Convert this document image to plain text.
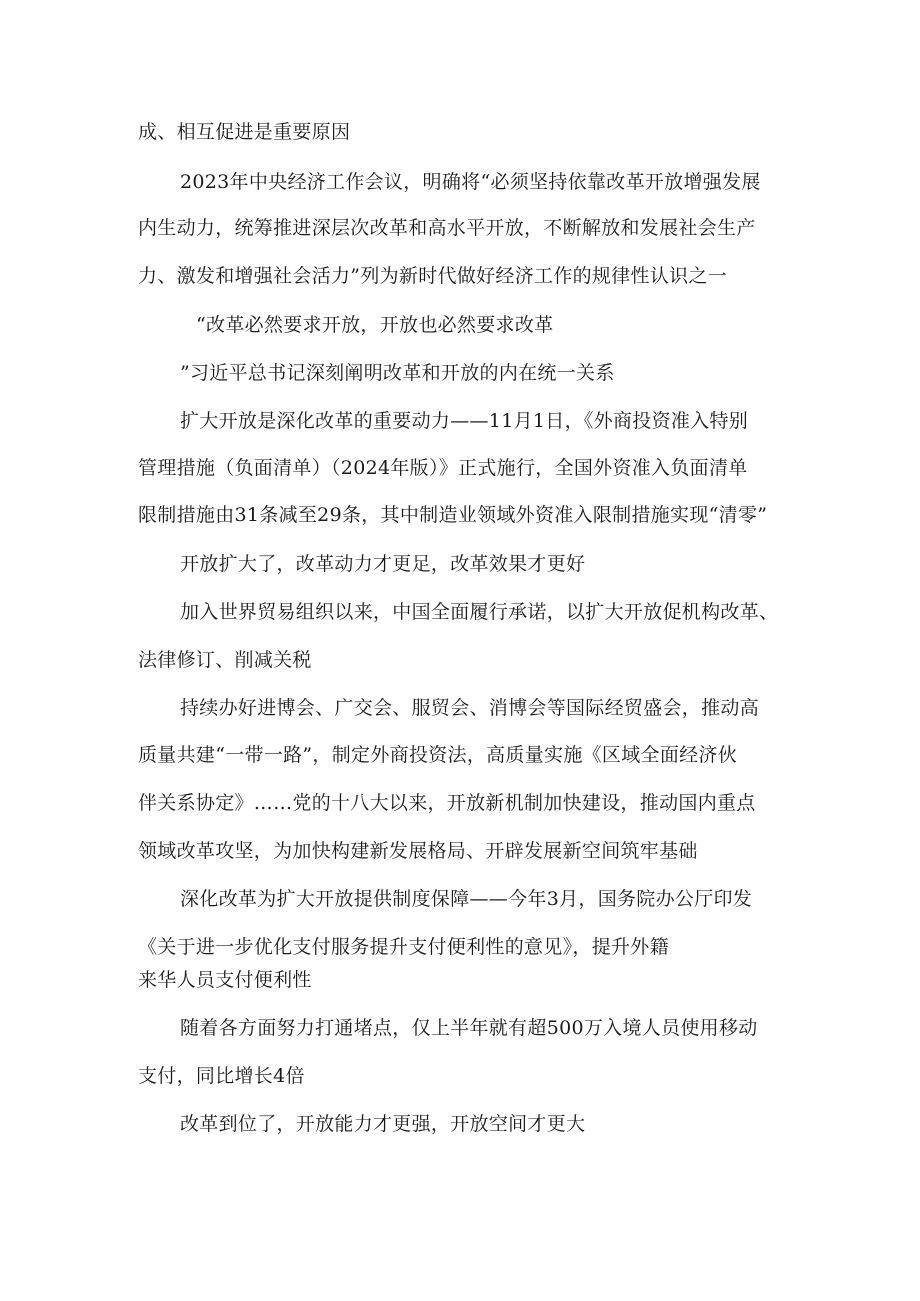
成、相互促进是重要原因

2023年中央经济工作会议，明确将“必须坚持依靠改革开放增强发展

内生动力，统筹推进深层次改革和高水平开放，不断解放和发展社会生产

力、激发和增强社会活力”列为新时代做好经济工作的规律性认识之一

“改革必然要求开放，开放也必然要求改革

”习近平总书记深刻阐明改革和开放的内在统一关系

扩大开放是深化改革的重要动力——11月1日，《外商投资准入特别

管理措施（负面清单）（2024年版）》正式施行，全国外资准入负面清单

限制措施由31条减至29条，其中制造业领域外资准入限制措施实现“清零”

开放扩大了，改革动力才更足，改革效果才更好

加入世界贸易组织以来，中国全面履行承诺，以扩大开放促机构改革、

法律修订、削减关税

持续办好进博会、广交会、服贸会、消博会等国际经贸盛会，推动高

质量共建“一带一路”，制定外商投资法，高质量实施《区域全面经济伙

伴关系协定》……党的十八大以来，开放新机制加快建设，推动国内重点

领域改革攻坚，为加快构建新发展格局、开辟发展新空间筑牢基础

深化改革为扩大开放提供制度保障——今年3月，国务院办公厅印发

《关于进一步优化支付服务提升支付便利性的意见》，提升外籍

来华人员支付便利性

随着各方面努力打通堵点，仅上半年就有超500万入境人员使用移动

支付，同比增长4倍

改革到位了，开放能力才更强，开放空间才更大
